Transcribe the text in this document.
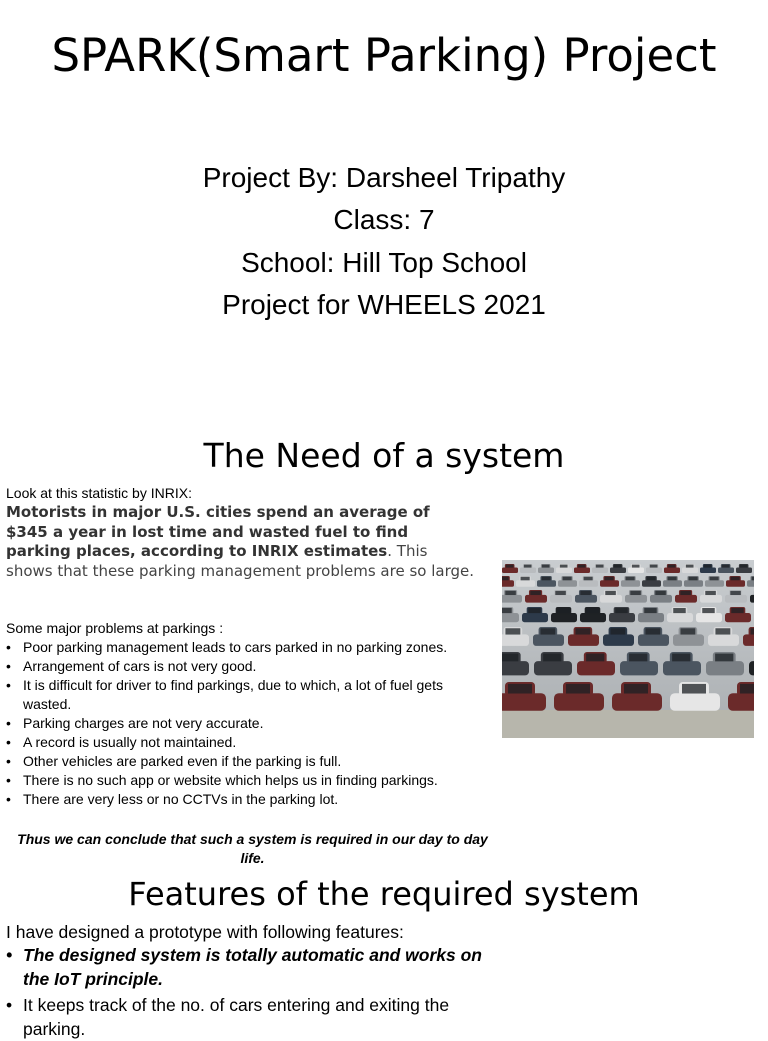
SPARK(Smart Parking) Project
Project By: Darsheel Tripathy
Class: 7
School: Hill Top School
Project for WHEELS 2021
The Need of a system
Look at this statistic by INRIX:
Motorists in major U.S. cities spend an average of $345 a year in lost time and wasted fuel to find parking places, according to INRIX estimates. This shows that these parking management problems are so large.
Some major problems at parkings :
• Poor parking management leads to cars parked in no parking zones.
• Arrangement of cars is not very good.
• It is difficult for driver to find parkings, due to which, a lot of fuel gets wasted.
• Parking charges are not very accurate.
• A record is usually not maintained.
• Other vehicles are parked even if the parking is full.
• There is no such app or website which helps us in finding parkings.
• There are very less or no CCTVs in the parking lot.
Thus we can conclude that such a system is required in our day to day life.
Features of the required system
I have designed a prototype with following features:
• The designed system is totally automatic and works on the IoT principle.
• It keeps track of the no. of cars entering and exiting the parking.
